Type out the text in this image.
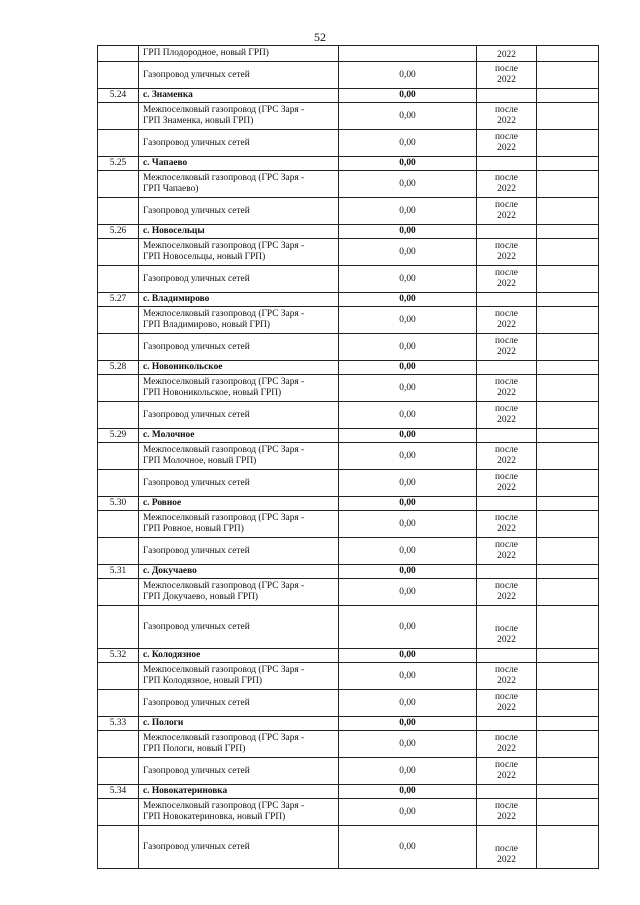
52
	ГРП Плодородное, новый ГРП)		2022	
	Газопровод уличных сетей	0,00	после
2022	
5.24	с. Знаменка	0,00		
	Межпоселковый газопровод (ГРС Заря -
ГРП Знаменка, новый ГРП)	0,00	после
2022	
	Газопровод уличных сетей	0,00	после
2022	
5.25	с. Чапаево	0,00		
	Межпоселковый газопровод (ГРС Заря -
ГРП Чапаево)	0,00	после
2022	
	Газопровод уличных сетей	0,00	после
2022	
5.26	с. Новосельцы	0,00		
	Межпоселковый газопровод (ГРС Заря -
ГРП Новосельцы, новый ГРП)	0,00	после
2022	
	Газопровод уличных сетей	0,00	после
2022	
5.27	с. Владимирово	0,00		
	Межпоселковый газопровод (ГРС Заря -
ГРП Владимирово, новый ГРП)	0,00	после
2022	
	Газопровод уличных сетей	0,00	после
2022	
5.28	с. Новоникольское	0,00		
	Межпоселковый газопровод (ГРС Заря -
ГРП Новоникольское, новый ГРП)	0,00	после
2022	
	Газопровод уличных сетей	0,00	после
2022	
5.29	с. Молочное	0,00		
	Межпоселковый газопровод (ГРС Заря -
ГРП Молочное, новый ГРП)	0,00	после
2022	
	Газопровод уличных сетей	0,00	после
2022	
5.30	с. Ровное	0,00		
	Межпоселковый газопровод (ГРС Заря -
ГРП Ровное, новый ГРП)	0,00	после
2022	
	Газопровод уличных сетей	0,00	после
2022	
5.31	с. Докучаево	0,00		
	Межпоселковый газопровод (ГРС Заря -
ГРП Докучаево, новый ГРП)	0,00	после
2022	
	Газопровод уличных сетей	0,00	после
2022	
5.32	с. Колодязное	0,00		
	Межпоселковый газопровод (ГРС Заря -
ГРП Колодязное, новый ГРП)	0,00	после
2022	
	Газопровод уличных сетей	0,00	после
2022	
5.33	с. Пологи	0,00		
	Межпоселковый газопровод (ГРС Заря -
ГРП Пологи, новый ГРП)	0,00	после
2022	
	Газопровод уличных сетей	0,00	после
2022	
5.34	с. Новокатериновка	0,00		
	Межпоселковый газопровод (ГРС Заря -
ГРП Новокатериновка, новый ГРП)	0,00	после
2022	
	Газопровод уличных сетей	0,00	после
2022	
